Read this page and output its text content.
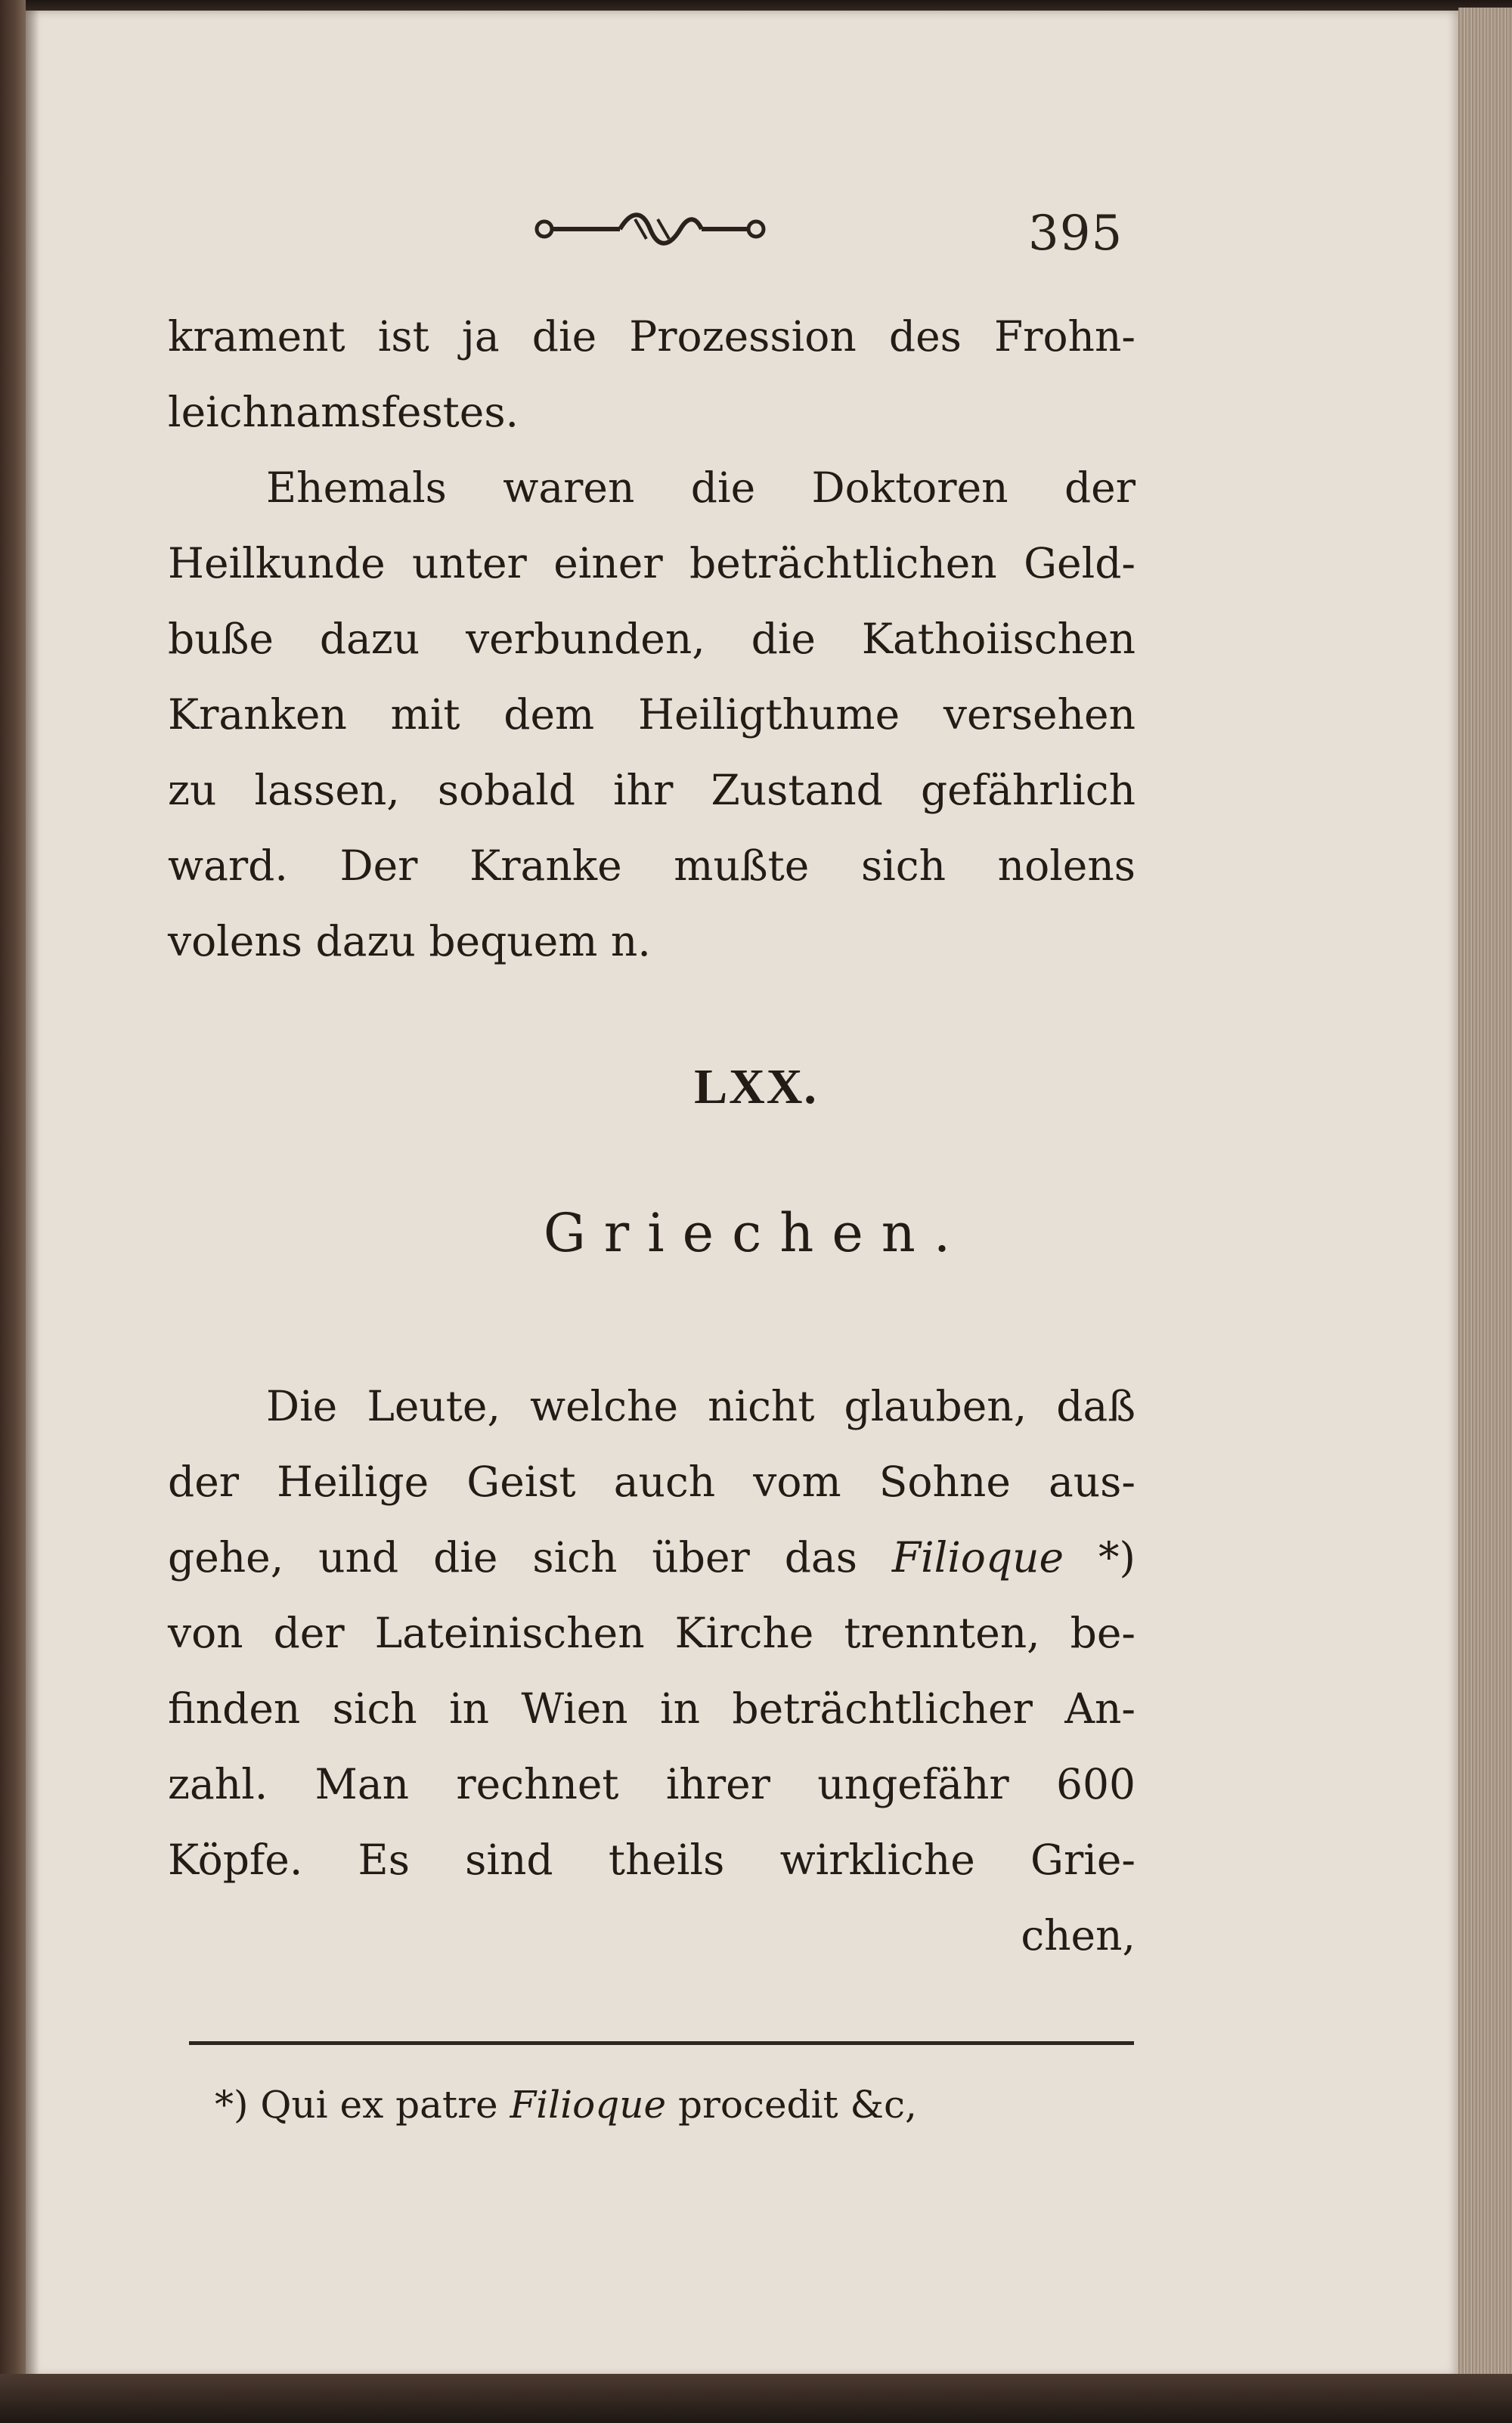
395
krament ist ja die Prozession des Frohn-
leichnamsfestes.
Ehemals waren die Doktoren der
Heilkunde unter einer beträchtlichen Geld-
buße dazu verbunden, die Kathoiischen
Kranken mit dem Heiligthume versehen
zu lassen, sobald ihr Zustand gefährlich
ward. Der Kranke mußte sich nolens
volens dazu bequem n.
LXX.
Griechen.
Die Leute, welche nicht glauben, daß
der Heilige Geist auch vom Sohne aus-
gehe, und die sich über das Filioque *)
von der Lateinischen Kirche trennten, be-
finden sich in Wien in beträchtlicher An-
zahl. Man rechnet ihrer ungefähr 600
Köpfe. Es sind theils wirkliche Grie-
chen,
*) Qui ex patre Filioque procedit &c,
